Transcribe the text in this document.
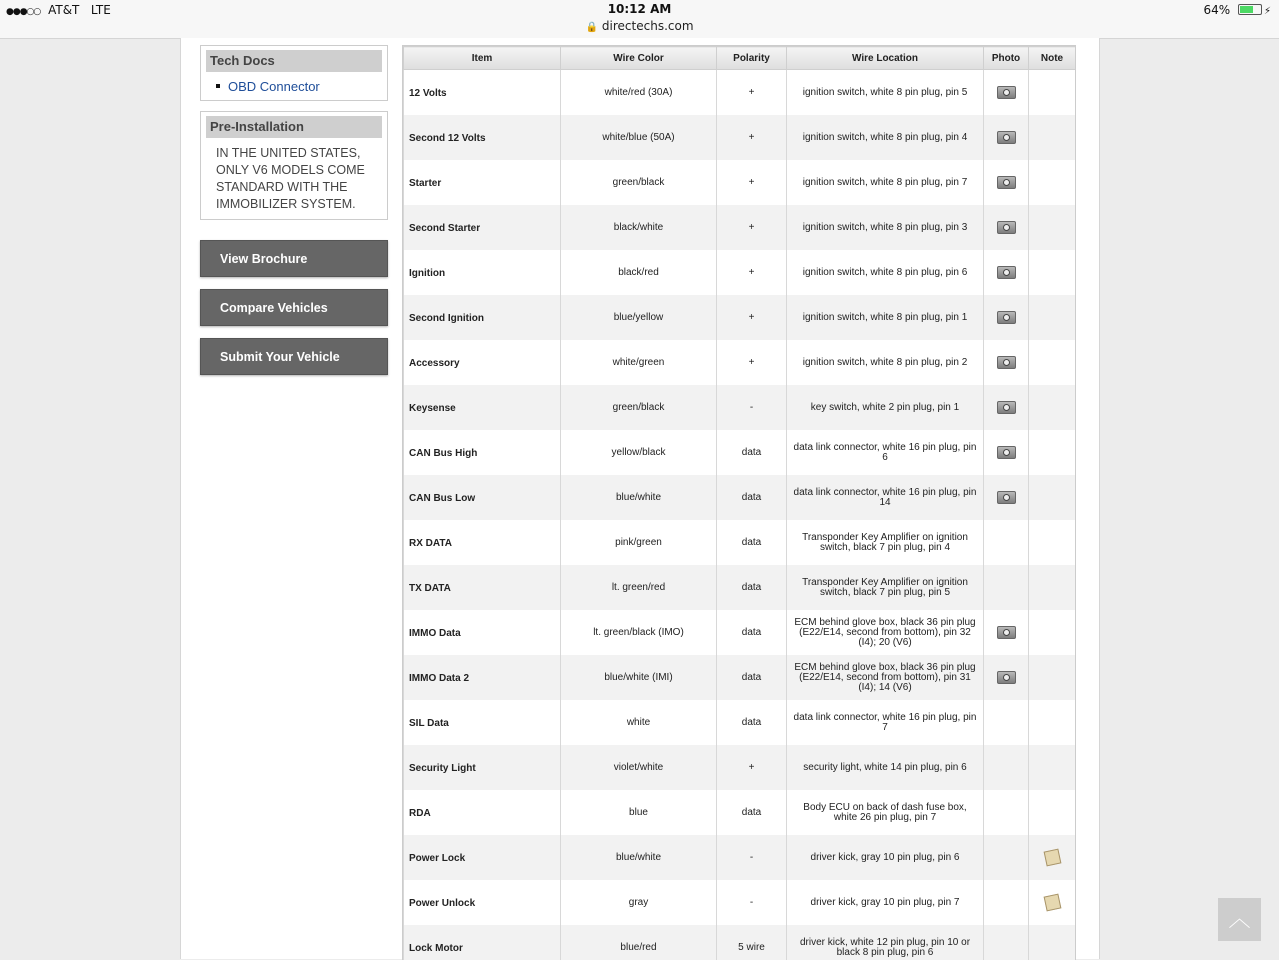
●●●○○ AT&T LTE	10:12 AM
🔒 directechs.com
64%	⚡
Tech Docs
OBD Connector
Pre-Installation
IN THE UNITED STATES, ONLY V6 MODELS COME STANDARD WITH THE IMMOBILIZER SYSTEM.
View Brochure
Compare Vehicles
Submit Your Vehicle
Item	Wire Color	Polarity	Wire Location	Photo	Note
12 Volts	white/red (30A)	+	ignition switch, white 8 pin plug, pin 5		
Second 12 Volts	white/blue (50A)	+	ignition switch, white 8 pin plug, pin 4		
Starter	green/black	+	ignition switch, white 8 pin plug, pin 7		
Second Starter	black/white	+	ignition switch, white 8 pin plug, pin 3		
Ignition	black/red	+	ignition switch, white 8 pin plug, pin 6		
Second Ignition	blue/yellow	+	ignition switch, white 8 pin plug, pin 1		
Accessory	white/green	+	ignition switch, white 8 pin plug, pin 2		
Keysense	green/black	-	key switch, white 2 pin plug, pin 1		
CAN Bus High	yellow/black	data	data link connector, white 16 pin plug, pin 6		
CAN Bus Low	blue/white	data	data link connector, white 16 pin plug, pin 14		
RX DATA	pink/green	data	Transponder Key Amplifier on ignition switch, black 7 pin plug, pin 4		
TX DATA	lt. green/red	data	Transponder Key Amplifier on ignition switch, black 7 pin plug, pin 5		
IMMO Data	lt. green/black (IMO)	data	ECM behind glove box, black 36 pin plug (E22/E14, second from bottom), pin 32 (I4); 20 (V6)		
IMMO Data 2	blue/white (IMI)	data	ECM behind glove box, black 36 pin plug (E22/E14, second from bottom), pin 31 (I4); 14 (V6)		
SIL Data	white	data	data link connector, white 16 pin plug, pin 7		
Security Light	violet/white	+	security light, white 14 pin plug, pin 6		
RDA	blue	data	Body ECU on back of dash fuse box, white 26 pin plug, pin 7		
Power Lock	blue/white	-	driver kick, gray 10 pin plug, pin 6		
Power Unlock	gray	-	driver kick, gray 10 pin plug, pin 7		
Lock Motor	blue/red	5 wire	driver kick, white 12 pin plug, pin 10 or black 8 pin plug, pin 6		
︿
